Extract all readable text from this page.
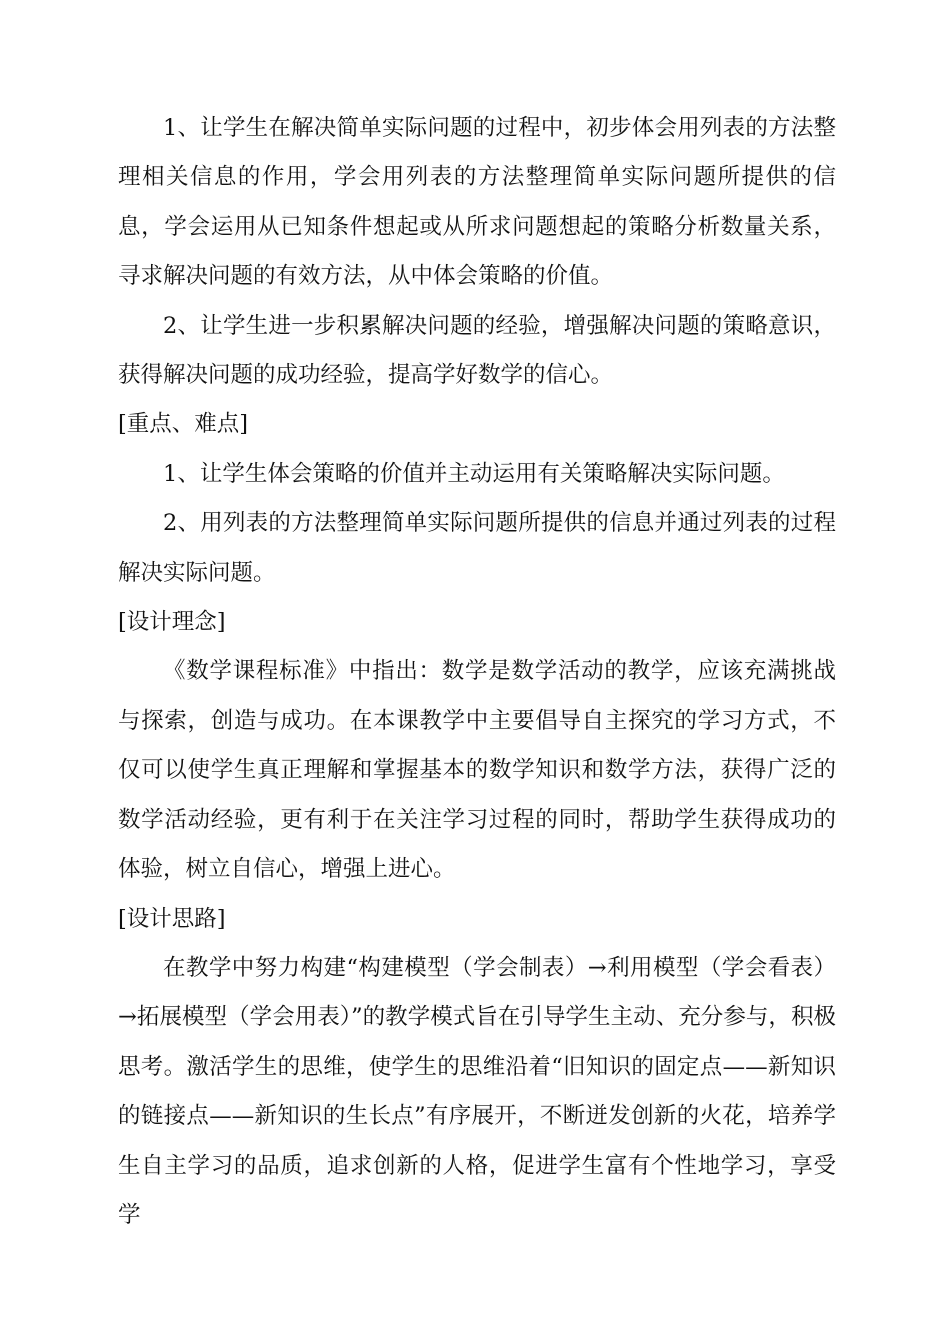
1、让学生在解决简单实际问题的过程中，初步体会用列表的方法整理相关信息的作用，学会用列表的方法整理简单实际问题所提供的信息，学会运用从已知条件想起或从所求问题想起的策略分析数量关系，寻求解决问题的有效方法，从中体会策略的价值。

2、让学生进一步积累解决问题的经验，增强解决问题的策略意识，获得解决问题的成功经验，提高学好数学的信心。

[重点、难点]

1、让学生体会策略的价值并主动运用有关策略解决实际问题。

2、用列表的方法整理简单实际问题所提供的信息并通过列表的过程解决实际问题。

[设计理念]

《数学课程标准》中指出：数学是数学活动的教学，应该充满挑战与探索，创造与成功。在本课教学中主要倡导自主探究的学习方式，不仅可以使学生真正理解和掌握基本的数学知识和数学方法，获得广泛的数学活动经验，更有利于在关注学习过程的同时，帮助学生获得成功的体验，树立自信心，增强上进心。

[设计思路]

在教学中努力构建“构建模型（学会制表）→利用模型（学会看表）→拓展模型（学会用表）”的教学模式旨在引导学生主动、充分参与，积极思考。激活学生的思维，使学生的思维沿着“旧知识的固定点——新知识的链接点——新知识的生长点”有序展开，不断迸发创新的火花，培养学生自主学习的品质，追求创新的人格，促进学生富有个性地学习，享受学
